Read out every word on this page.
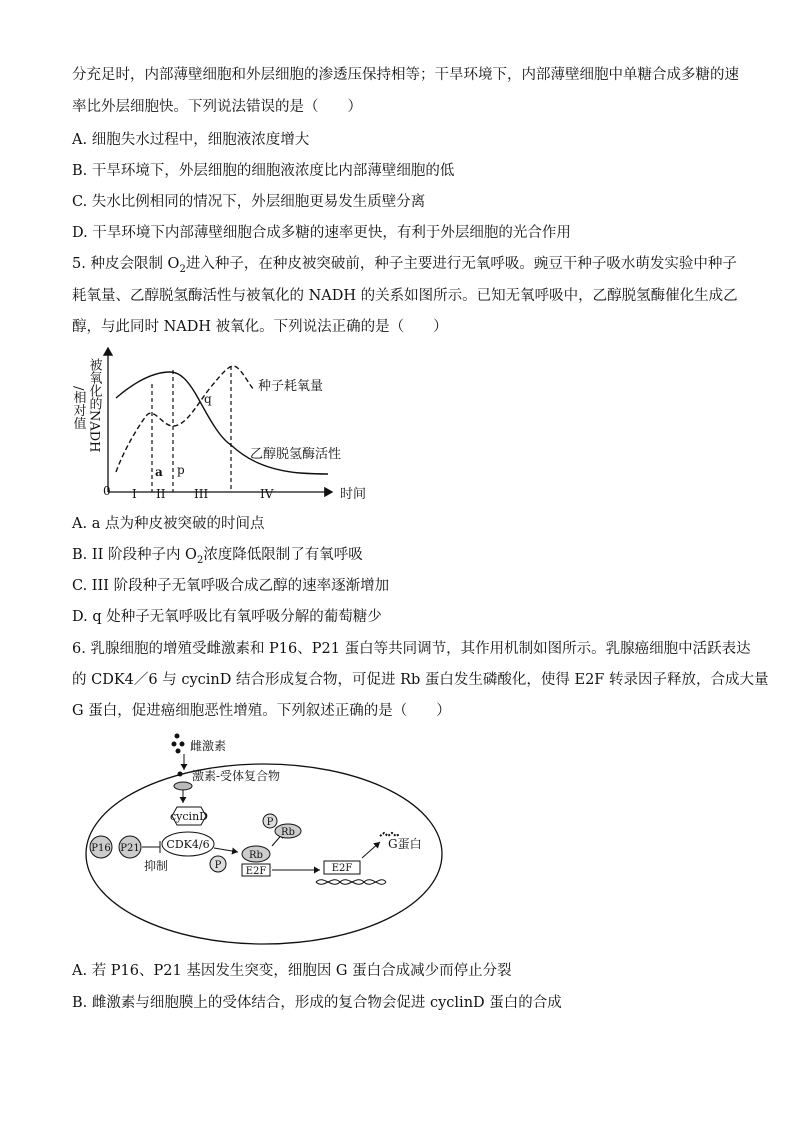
分充足时，内部薄壁细胞和外层细胞的渗透压保持相等；干旱环境下，内部薄壁细胞中单糖合成多糖的速
率比外层细胞快。下列说法错误的是（　　）
A. 细胞失水过程中，细胞液浓度增大
B. 干旱环境下，外层细胞的细胞液浓度比内部薄壁细胞的低
C. 失水比例相同的情况下，外层细胞更易发生质壁分离
D. 干旱环境下内部薄壁细胞合成多糖的速率更快，有利于外层细胞的光合作用
5. 种皮会限制 $O_2$进入种子，在种皮被突破前，种子主要进行无氧呼吸。豌豆干种子吸水萌发实验中种子
耗氧量、乙醇脱氢酶活性与被氧化的 NADH 的关系如图所示。已知无氧呼吸中，乙醇脱氢酶催化生成乙
醇，与此同时 NADH 被氧化。下列说法正确的是（　　）
种子耗氧量
乙醇脱氢酶活性
q
a p
0 I II III	IV	时间
被氧化的NADH
/相对值
A. a 点为种皮被突破的时间点
B. II 阶段种子内 $O_2$浓度降低限制了有氧呼吸
C. III 阶段种子无氧呼吸合成乙醇的速率逐渐增加
D. q 处种子无氧呼吸比有氧呼吸分解的葡萄糖少
6. 乳腺细胞的增殖受雌激素和 P16、P21 蛋白等共同调节，其作用机制如图所示。乳腺癌细胞中活跃表达
的 CDK4／6 与 cycinD 结合形成复合物，可促进 Rb 蛋白发生磷酸化，使得 E2F 转录因子释放，合成大量
G 蛋白，促进癌细胞恶性增殖。下列叙述正确的是（　　）
雌激素
激素-受体复合物
cycinD
CDK4/6
P16 P21
抑制	P
Rb
E2F
P
Rb
E2F
G蛋白
A. 若 P16、P21 基因发生突变，细胞因 G 蛋白合成减少而停止分裂
B. 雌激素与细胞膜上的受体结合，形成的复合物会促进 cyclinD 蛋白的合成
